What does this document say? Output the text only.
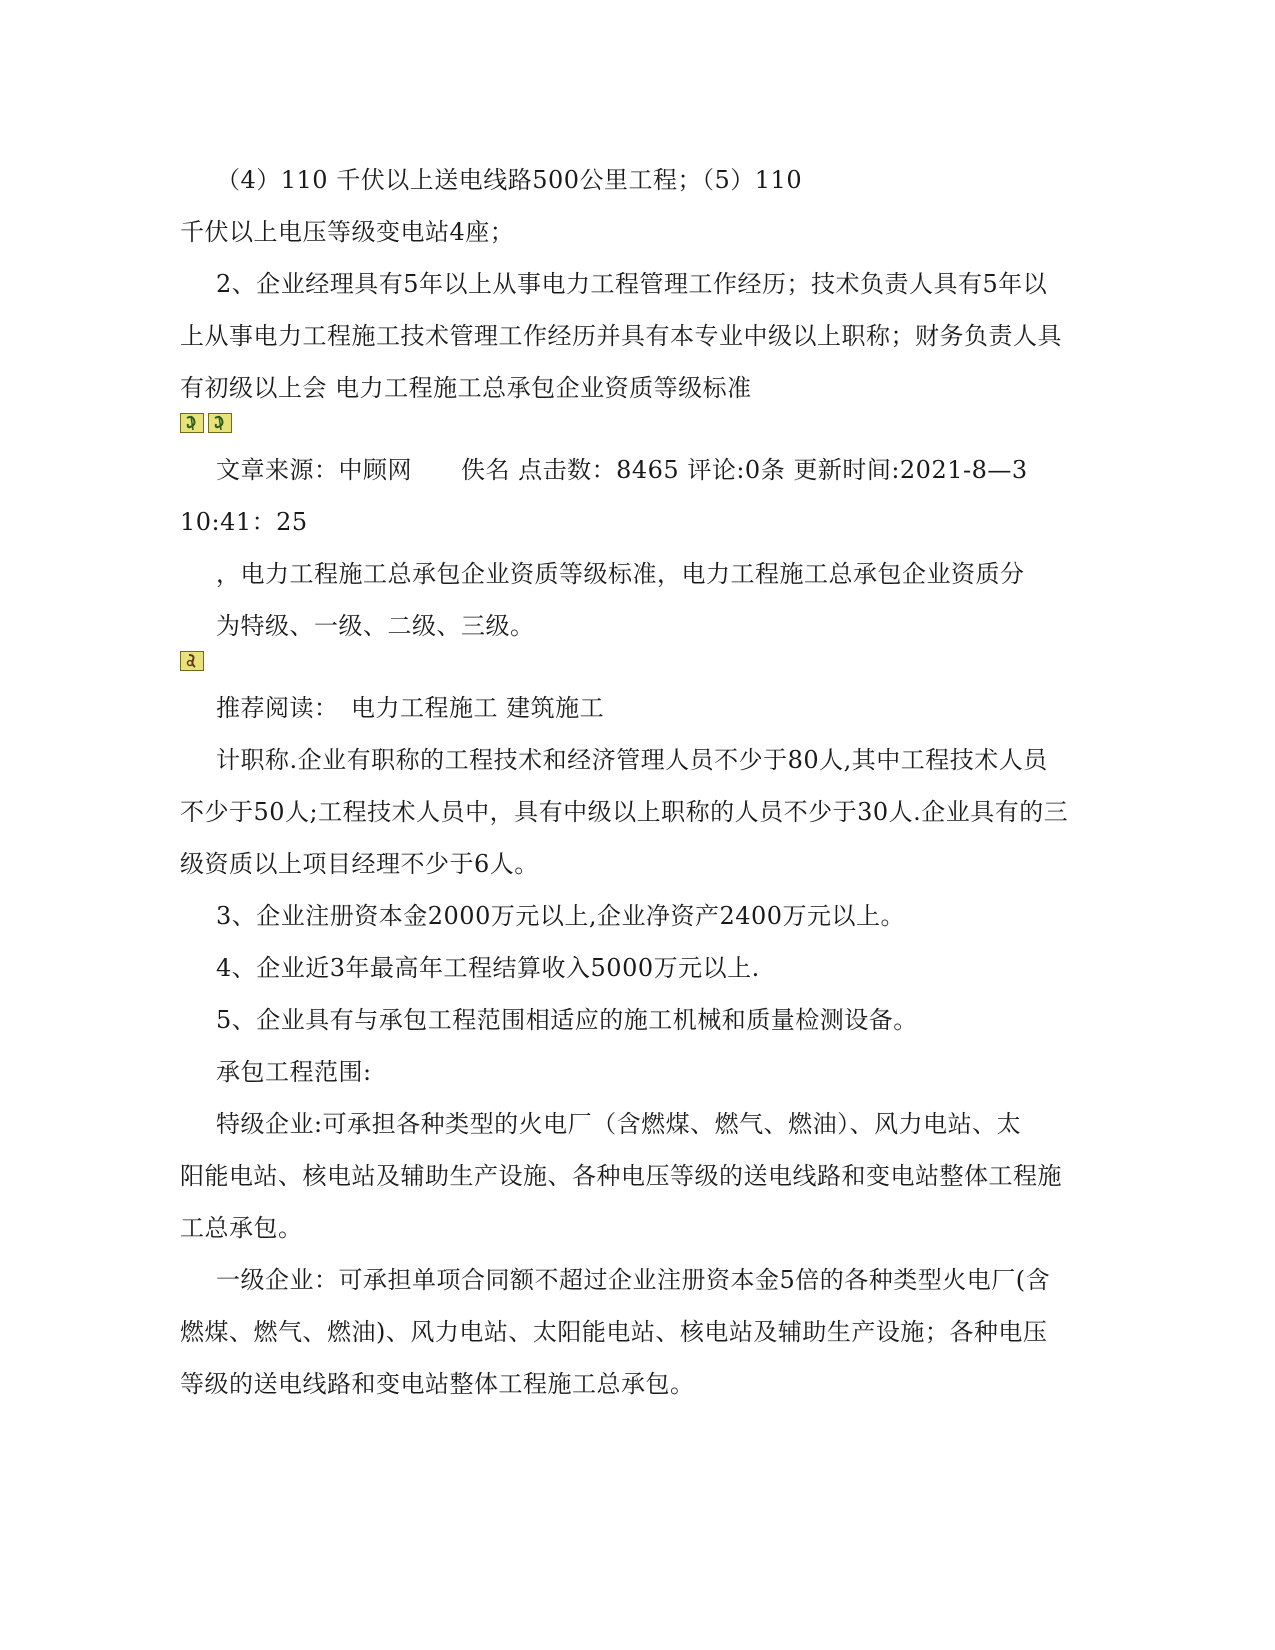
（4）110 千伏以上送电线路500公里工程；（5）110
千伏以上电压等级变电站4座；
2、企业经理具有5年以上从事电力工程管理工作经历；技术负责人具有5年以
上从事电力工程施工技术管理工作经历并具有本专业中级以上职称；财务负责人具
有初级以上会 电力工程施工总承包企业资质等级标准
文章来源：中顾网　　佚名 点击数：8465 评论:0条 更新时间:2021-8—3
10:41：25
，电力工程施工总承包企业资质等级标准，电力工程施工总承包企业资质分
为特级、一级、二级、三级。
推荐阅读：　电力工程施工 建筑施工
计职称.企业有职称的工程技术和经济管理人员不少于80人,其中工程技术人员
不少于50人;工程技术人员中，具有中级以上职称的人员不少于30人.企业具有的三
级资质以上项目经理不少于6人。
3、企业注册资本金2000万元以上,企业净资产2400万元以上。
4、企业近3年最高年工程结算收入5000万元以上.
5、企业具有与承包工程范围相适应的施工机械和质量检测设备。
承包工程范围:
特级企业:可承担各种类型的火电厂（含燃煤、燃气、燃油）、风力电站、太
阳能电站、核电站及辅助生产设施、各种电压等级的送电线路和变电站整体工程施
工总承包。
一级企业：可承担单项合同额不超过企业注册资本金5倍的各种类型火电厂(含
燃煤、燃气、燃油)、风力电站、太阳能电站、核电站及辅助生产设施；各种电压
等级的送电线路和变电站整体工程施工总承包。
